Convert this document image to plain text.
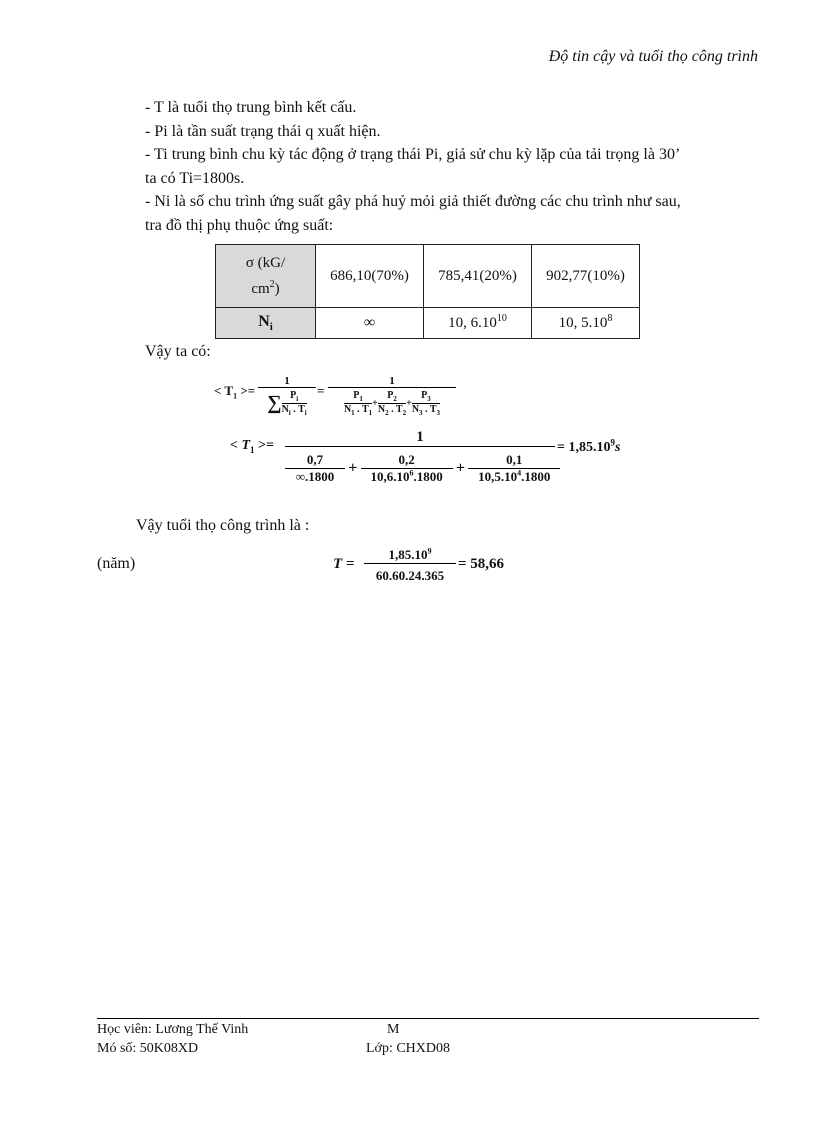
Độ tin cậy và tuổi thọ công trình

- T là tuổi thọ trung bình kết cấu.

- Pi là tần suất trạng thái q xuất hiện.

- Ti trung bình chu kỳ tác động ở trạng thái Pi, giả sử chu kỳ lặp của tải trọng là 30’

ta có Ti=1800s.

- Ni là số chu trình ứng suất gây phá huỷ mỏi giả thiết đường các chu trình như sau,

tra đồ thị phụ thuộc ứng suất:

σ (kG/
$cm^2$)	686,10(70%)	785,41(20%)	902,77(10%)
$N_i$	∞	10, 6.10$^{10}$	10, 5.10$^8$
Vậy ta có:
< $T_1$ >=
1
∑ $\frac{P_i}{N_i . T_i} = \frac{1}{\frac{P_1}{N_1 . T_1} + \frac{P_2}{N_2 . T_2} + \frac{P_3}{N_3 . T_3}}$
< $T_1$ >=
1
$\frac{0,7}{\infty.1800} + \frac{0,2}{10,6.10^6.1800} + \frac{0,1}{10,5.10^4.1800}$
= $1,85.10^9s$
Vậy tuổi thọ công trình là :
(năm)	T =
$1,85.10^9$
60.60.24.365
= 58,66
Học viên: Lương Thế Vinh	M
Mó số: 50K08XD	Lớp: CHXD08
